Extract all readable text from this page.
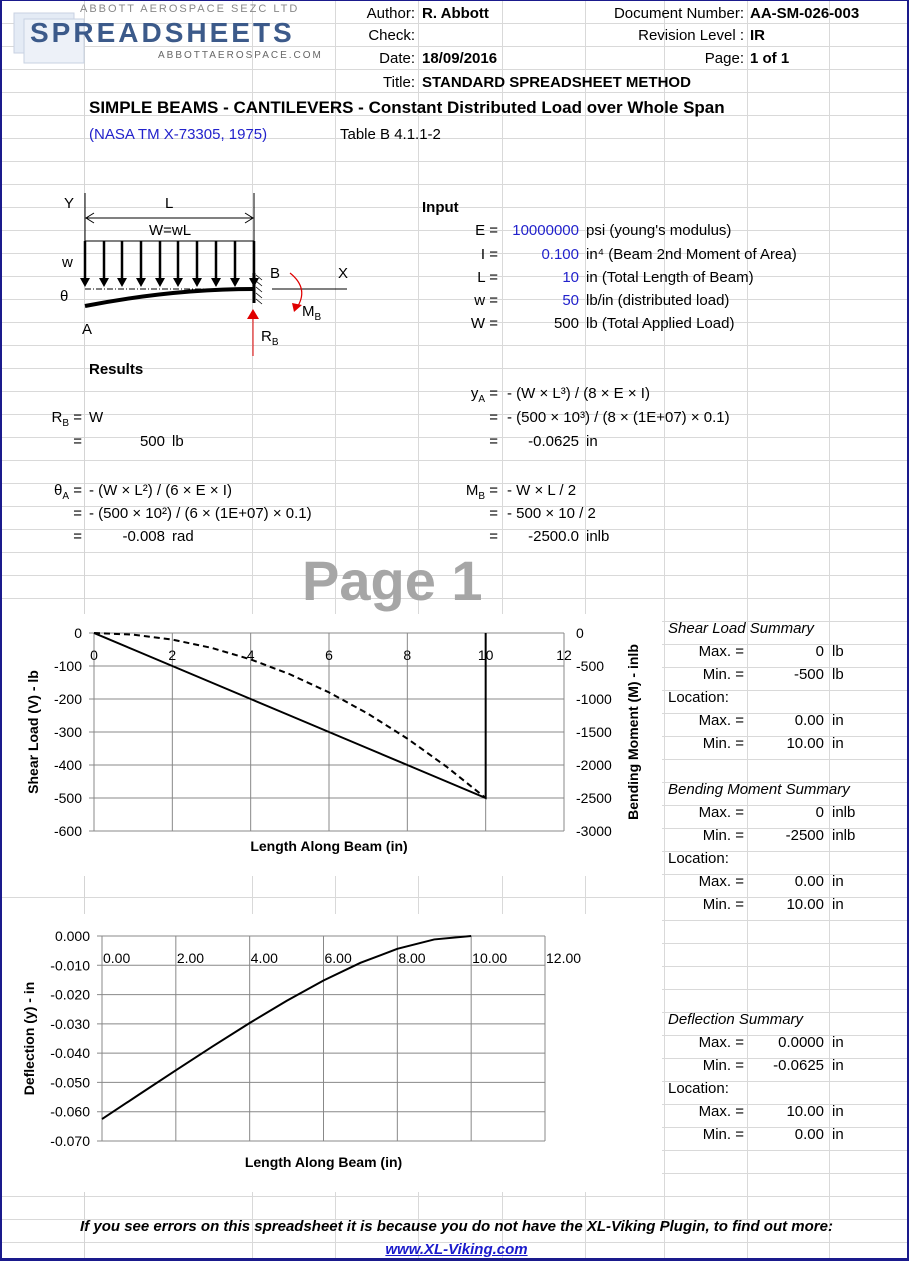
ABBOTT AEROSPACE SEZC LTD
SPREADSHEETS
ABBOTTAEROSPACE.COM
Author: R. Abbott
Check:
Date: 18/09/2016
Title: STANDARD SPREADSHEET METHOD
Document Number: AA-SM-026-003
Revision Level : IR
Page: 1 of 1
SIMPLE BEAMS - CANTILEVERS - Constant Distributed Load over Whole Span
(NASA TM X-73305, 1975)	Table B 4.1.1-2
Y	L
W=wL
w
θ
A
B	X
$M_B$
$R_B$
Input
E = 10000000 psi (young's modulus)
I =	0.100 in⁴ (Beam 2nd Moment of Area)
L =	10 in (Total Length of Beam)
w =	50 lb/in (distributed load)
W =	500 lb (Total Applied Load)
Results
$R_B = W$
=	500 lb
$\theta_A$ = - (W × L²) / (6 × E × I)
= - (500 × 10²) / (6 × (1E+07) × 0.1)
=	-0.008 rad
$y_A$ = - (W × L³) / (8 × E × I)
= - (500 × 10³) / (8 × (1E+07) × 0.1)
=	-0.0625 in
$M_B$ = - W × L / 2
= - 500 × 10 / 2
=	-2500.0 inlb
Page 1
0	2	4	6	8	10	12
0
-100
-200
-300
-400
-500
-600
0
-500
-1000
-1500
-2000
-2500
-3000
Length Along Beam (in)
Shear Load (V) - lb	Bending Moment (M) - inlb
0.00	2.00	4.00	6.00	8.00	10.00	12.00
0.000
-0.010
-0.020
-0.030
-0.040
-0.050
-0.060
-0.070
Length Along Beam (in)
Deflection (y) - in
Shear Load Summary
Max. =	0 lb
Min. =	-500 lb
Location:
Max. =	0.00 in
Min. =	10.00 in
Bending Moment Summary
Max. =	0 inlb
Min. =	-2500 inlb
Location:
Max. =	0.00 in
Min. =	10.00 in
Deflection Summary
Max. =	0.0000 in
Min. =	-0.0625 in
Location:
Max. =	10.00 in
Min. =	0.00 in
If you see errors on this spreadsheet it is because you do not have the XL-Viking Plugin, to find out more:
www.XL-Viking.com
